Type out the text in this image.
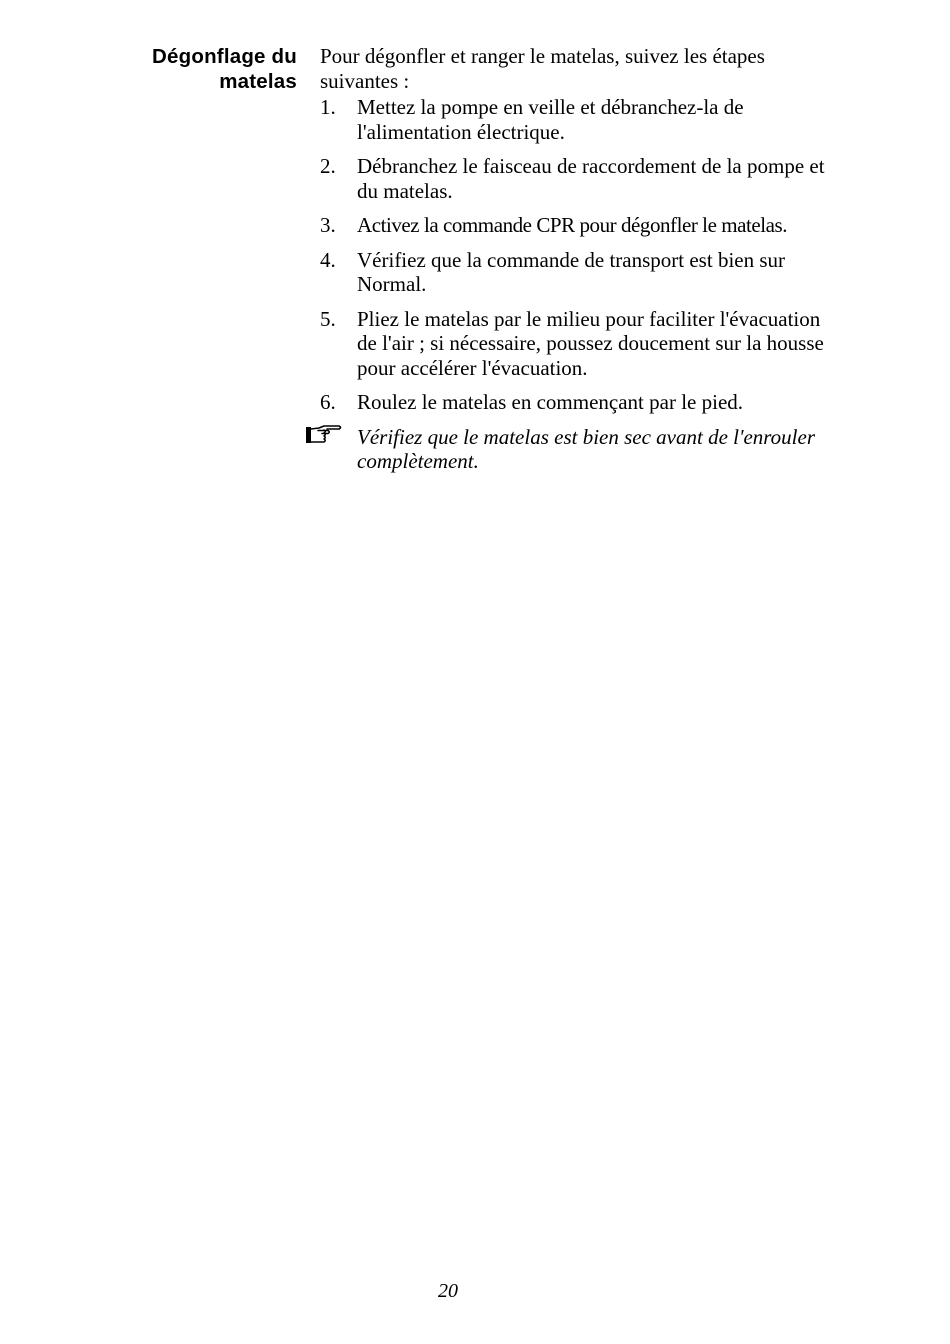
Dégonflage du
matelas

Pour dégonfler et ranger le matelas, suivez les étapes suivantes :

1. Mettez la pompe en veille et débranchez-la de l'alimentation électrique.
2. Débranchez le faisceau de raccordement de la pompe et du matelas.
3. Activez la commande CPR pour dégonfler le matelas.
4. Vérifiez que la commande de transport est bien sur Normal.
5. Pliez le matelas par le milieu pour faciliter l'évacuation de l'air ; si nécessaire, poussez doucement sur la housse pour accélérer l'évacuation.
6. Roulez le matelas en commençant par le pied.
Vérifiez que le matelas est bien sec avant de l'enrouler complètement.
20
